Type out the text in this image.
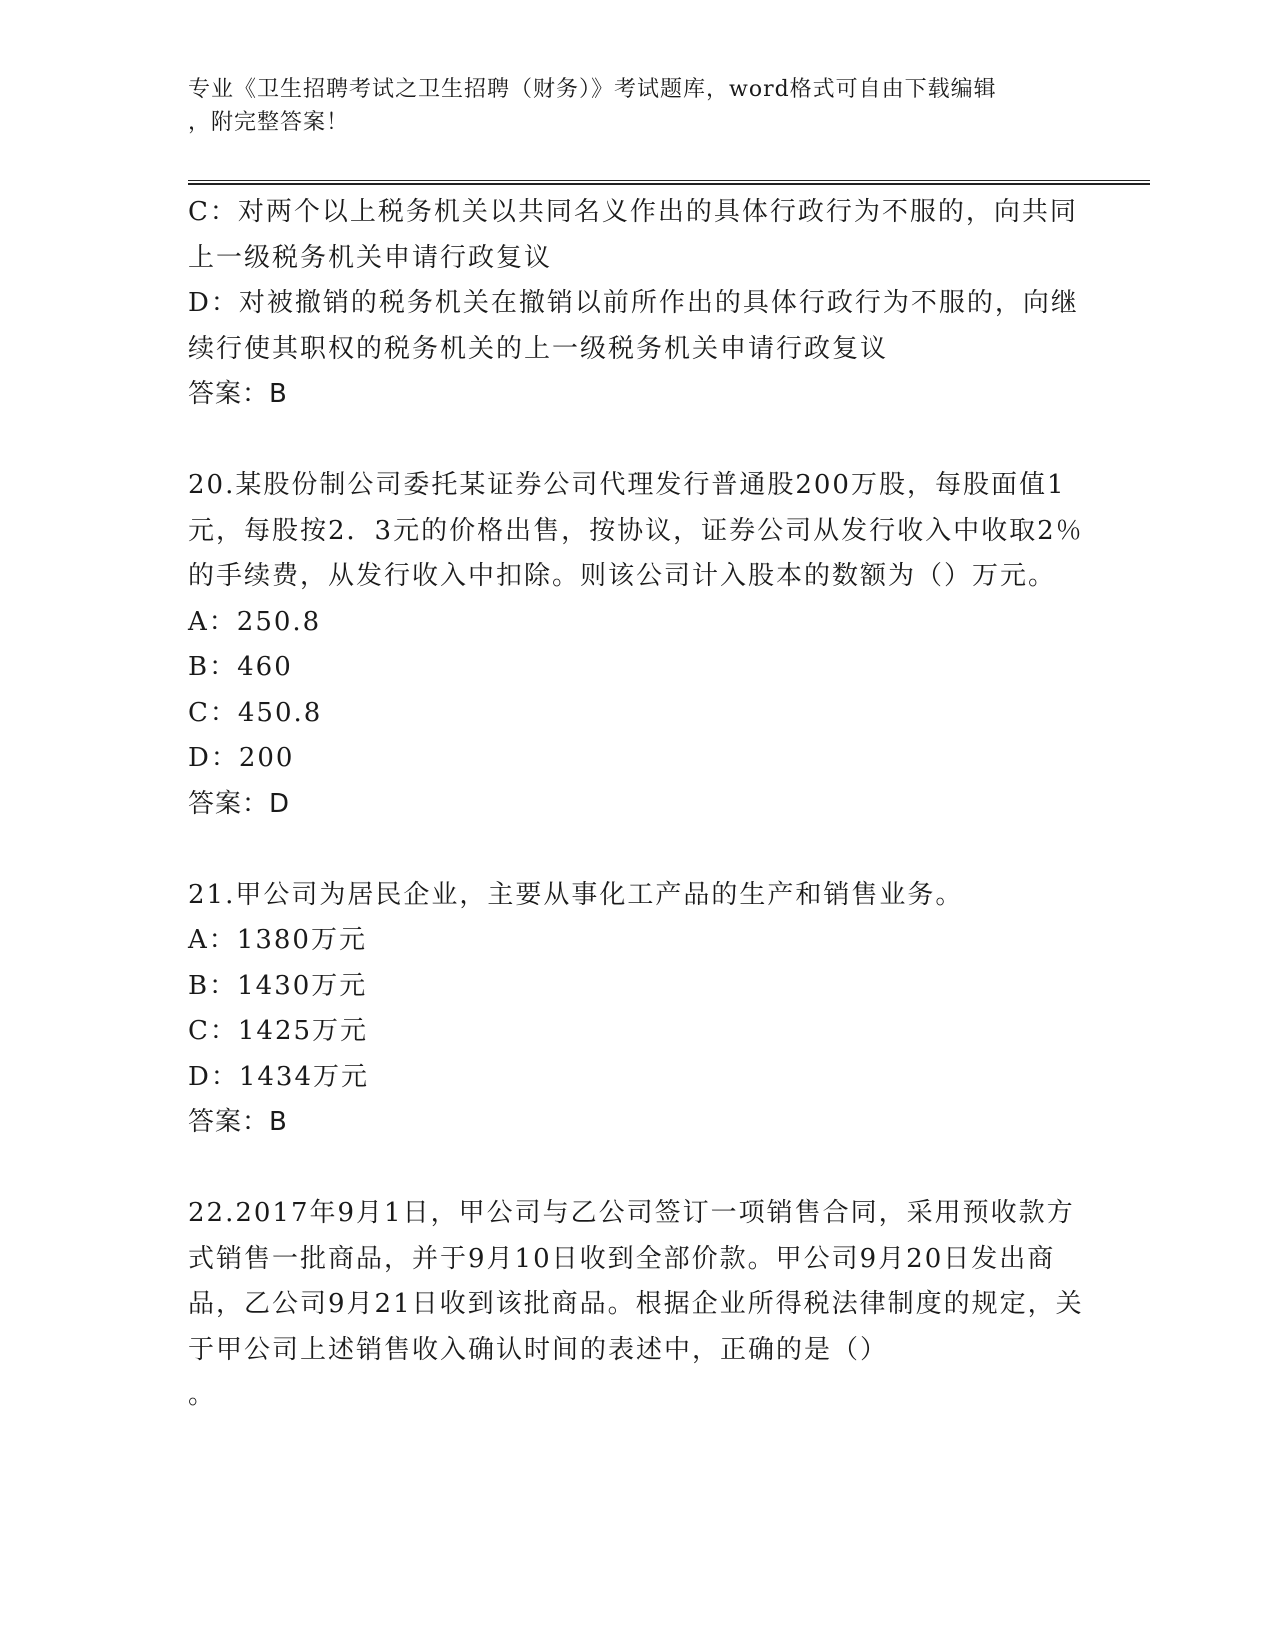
专业《卫生招聘考试之卫生招聘（财务）》考试题库，word格式可自由下载编辑
，附完整答案！

C：对两个以上税务机关以共同名义作出的具体行政行为不服的，向共同上一级税务机关申请行政复议

D：对被撤销的税务机关在撤销以前所作出的具体行政行为不服的，向继续行使其职权的税务机关的上一级税务机关申请行政复议

答案：B

20.某股份制公司委托某证券公司代理发行普通股200万股，每股面值1元，每股按2．3元的价格出售，按协议，证券公司从发行收入中收取2％的手续费，从发行收入中扣除。则该公司计入股本的数额为（）万元。

A：250.8

B：460

C：450.8

D：200

答案：D

21.甲公司为居民企业，主要从事化工产品的生产和销售业务。

A：1380万元

B：1430万元

C：1425万元

D：1434万元

答案：B

22.2017年9月1日，甲公司与乙公司签订一项销售合同，采用预收款方式销售一批商品，并于9月10日收到全部价款。甲公司9月20日发出商品，乙公司9月21日收到该批商品。根据企业所得税法律制度的规定，关于甲公司上述销售收入确认时间的表述中，正确的是（）

。
